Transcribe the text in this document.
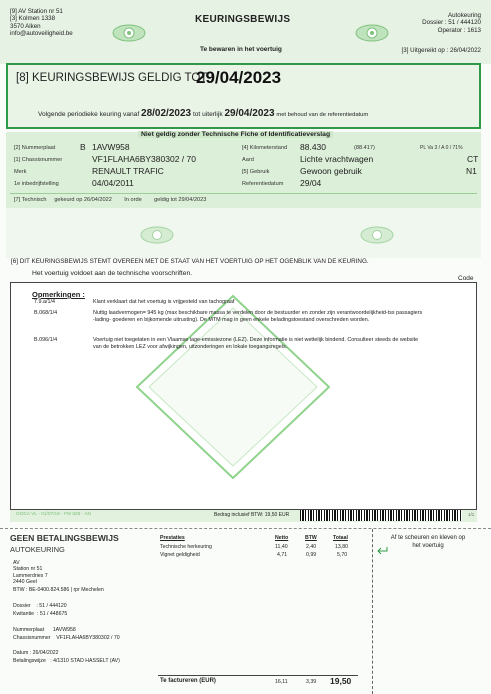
[9] AV Station nr 51
[3] Kolmen 1338
3570 Alken
info@autoveiligheid.be
KEURINGSBEWIJS
Te bewaren in het voertuig
Autokeuring
Dossier : 51 / 444120
Operator : 1613
[3] Uitgereikt op : 26/04/2022
[8] KEURINGSBEWIJS GELDIG TOT :
29/04/2023
Volgende periodieke keuring vanaf 28/02/2023 tot uiterlijk 29/04/2023 met behoud van de referentiedatum
Niet geldig zonder Technische Fiche of Identificatieverslag
[2] Nummerplaat	B 1AVW958
[1] Chassisnummer	VF1FLAHA6BY380302 / 70
Merk	RENAULT TRAFIC
1e inbedrijfstelling	04/04/2011
[4] Kilometerstand 88.430	(88.417)	PL Va 3 / A 0 / 71%
Aard	Lichte vrachtwagen	CT
[5] Gebruik	Gewoon gebruik	N1
Referentiedatum 29/04
[7] Technisch     gekeurd op 26/04/2022        In orde        geldig tot 29/04/2023
[6] DIT KEURINGSBEWIJS STEMT OVEREEN MET DE STAAT VAN HET VOERTUIG OP HET OGENBLIK VAN DE KEURING.
Het voertuig voldoet aan de technische voorschriften.
Code
Opmerkingen :
7.9.a/1/4	Klant verklaart dat het voertuig is vrijgesteld van tachograaf
B.068/1/4	Nuttig laadvermogen= 945 kg (max beschikbare massa te verdelen door de bestuurder en zonder zijn verantwoordelijkheid-tss passagiers -lading- goederen en bijkomende uitrusting). De MTM mag in geen enkele beladingstoestand overschreden worden.
B.096/1/4	Voertuig niet toegelaten in een Vlaamse lage-emissiezone (LEZ). Deze informatie is niet wettelijk bindend. Consulteer steeds de website van de betrokken LEZ voor afwijkingen, uitzonderingen en lokale toegangsregels.
GOCA VL - 01/07/19 - FM 826 - AN	Bedrag inclusief BTW: 19,50 EUR	1/1
GEEN BETALINGSBEWIJS
AUTOKEURING
AV
Station nr 51
Lammerdries 7
2440 Geel
BTW : BE-0400.824.586 | rpr Mechelen
Dossier    : 51 / 444120
Kwitantie  : 51 / 448675
Nummerplaat      1AVW958
Chassisnummer    VF1FLAHA6BY380302 / 70
Datum : 26/04/2022
Betalingswijze   : 4/1310 STAD HASSELT (AV)
Prestaties	Netto	BTW	Totaal
Technische herkeuring	11,40	2,40	13,80
Vignet geldigheid	4,71	0,99	5,70
Te factureren (EUR)	16,11	3,39 19,50
Af te scheuren en kleven op het voertuig
